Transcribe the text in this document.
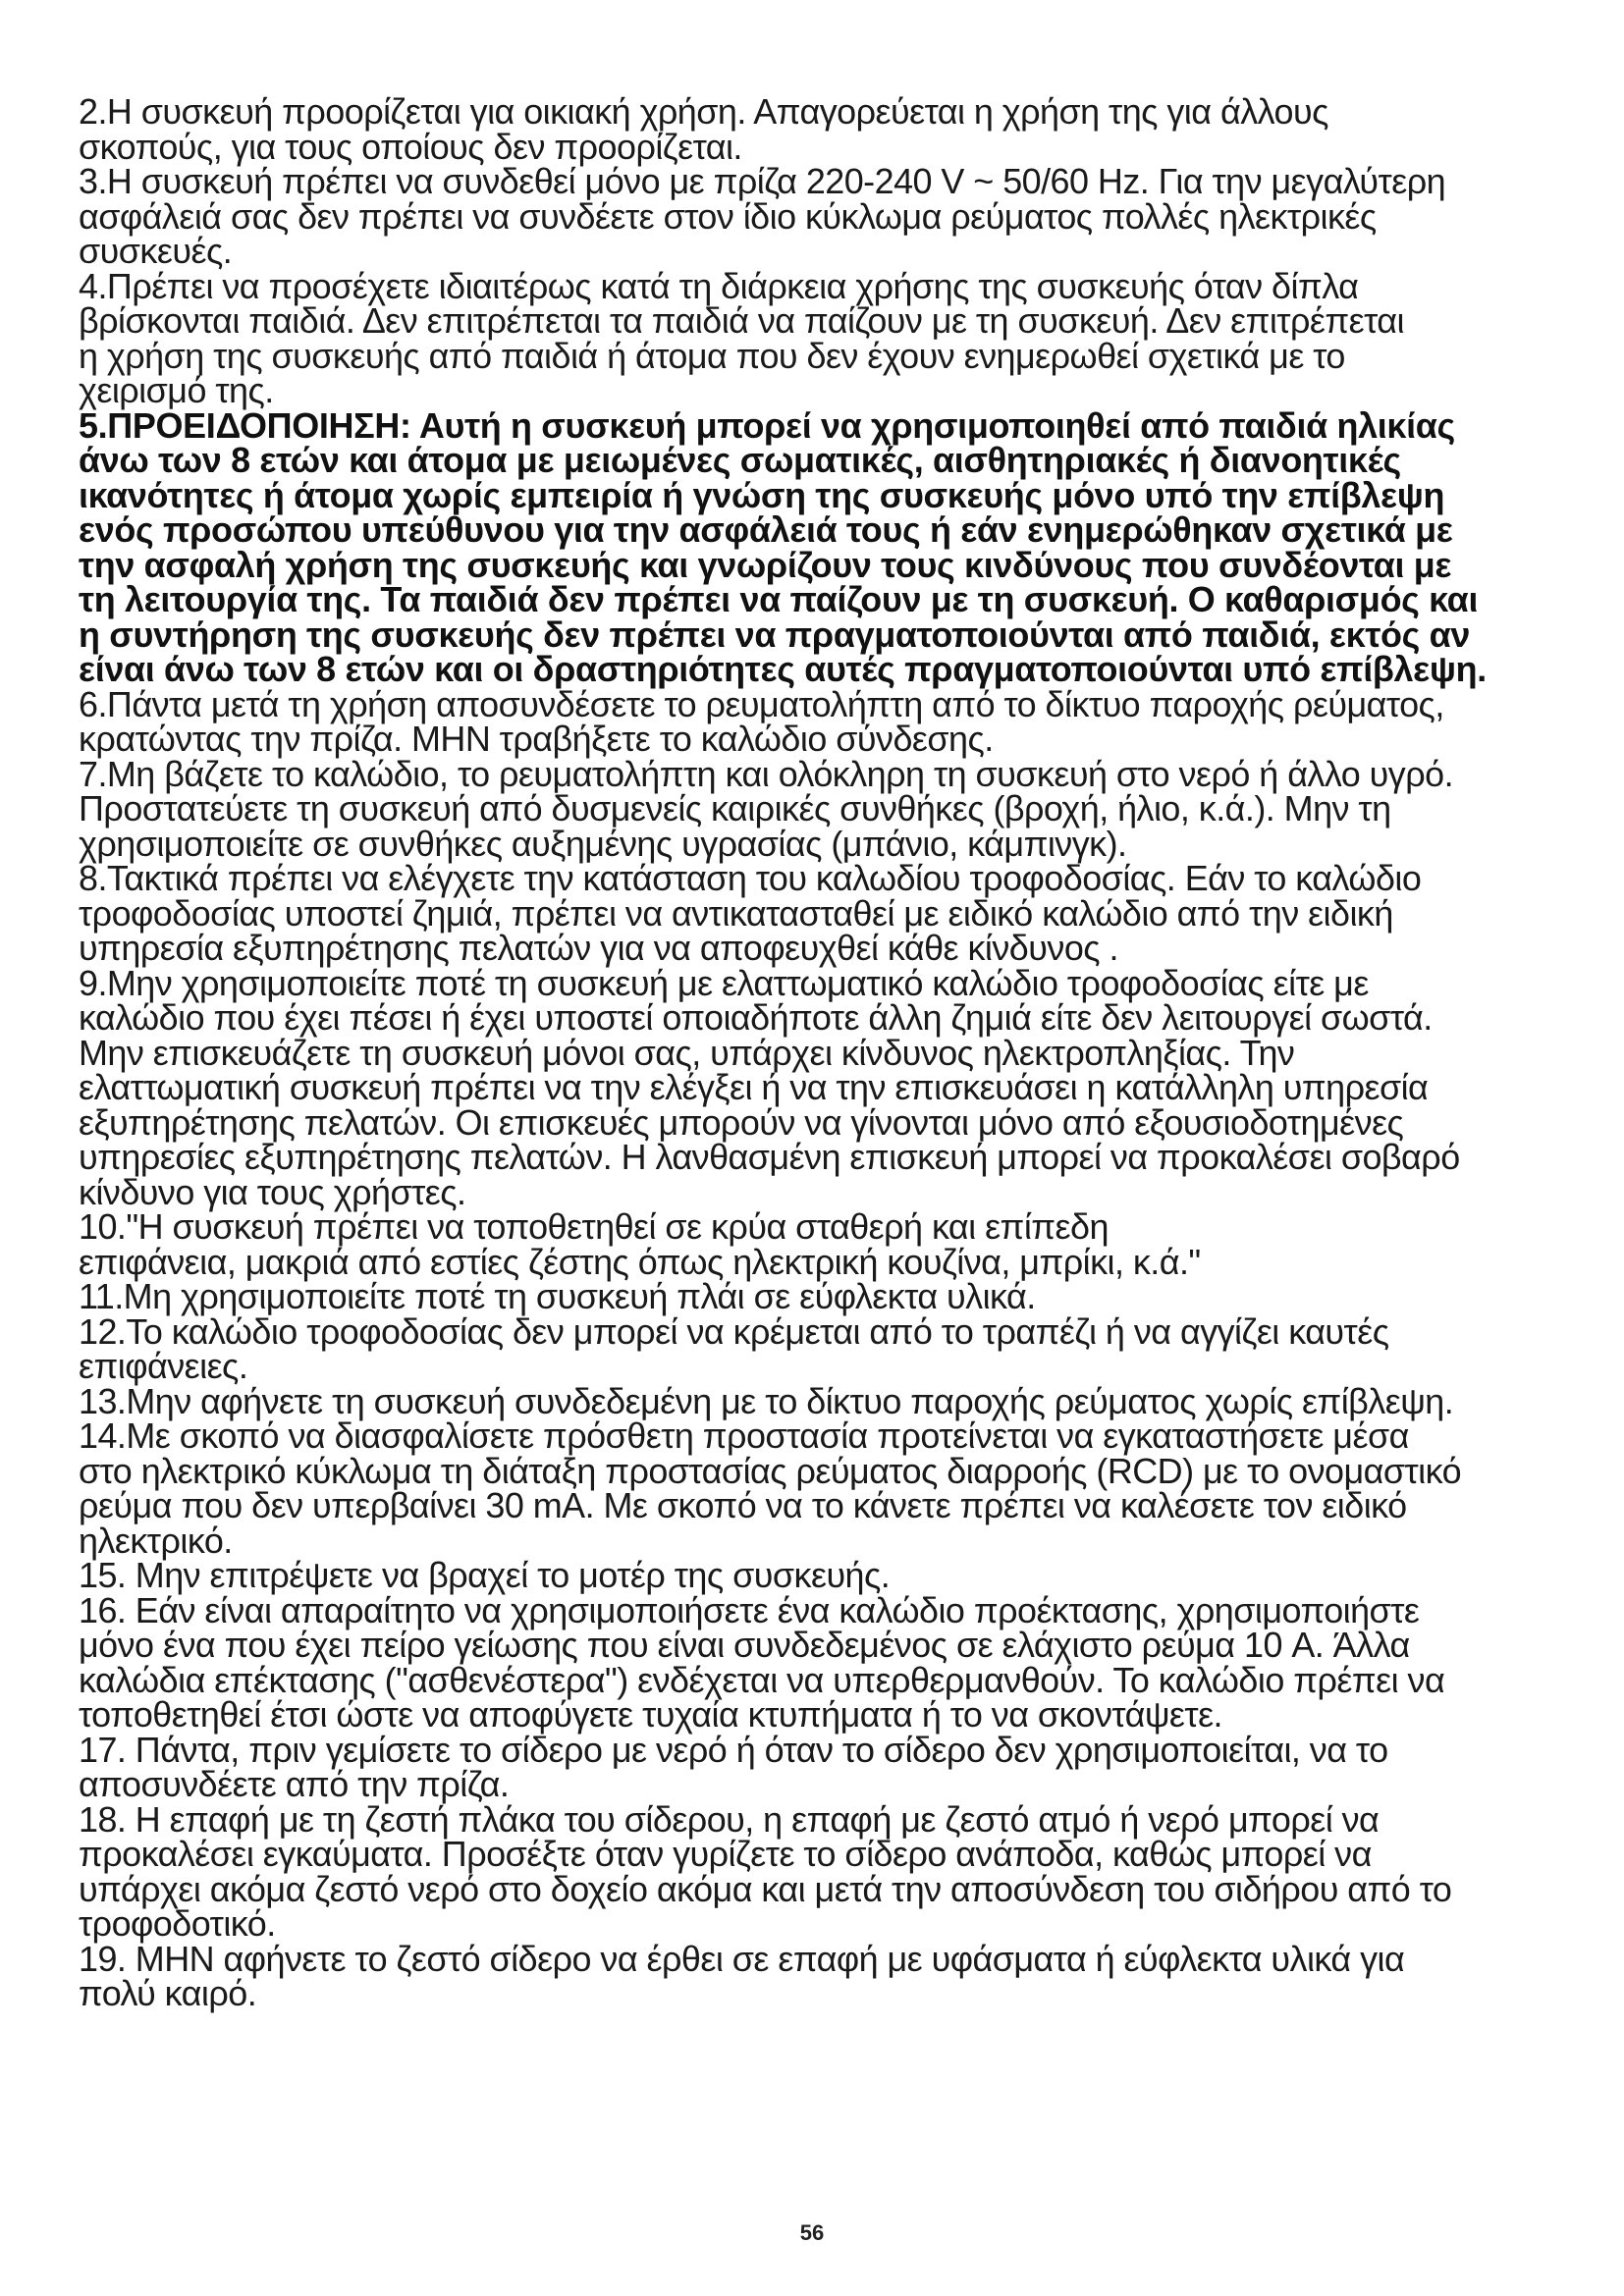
2.Η συσκευή προορίζεται για οικιακή χρήση. Απαγορεύεται η χρήση της για άλλους
σκοπούς, για τους οποίους δεν προορίζεται.
3.Η συσκευή πρέπει να συνδεθεί μόνο με πρίζα 220-240 V ~ 50/60 Hz. Για την μεγαλύτερη
ασφάλειά σας δεν πρέπει να συνδέετε στον ίδιο κύκλωμα ρεύματος πολλές ηλεκτρικές
συσκευές.
4.Πρέπει να προσέχετε ιδιαιτέρως κατά τη διάρκεια χρήσης της συσκευής όταν δίπλα
βρίσκονται παιδιά. Δεν επιτρέπεται τα παιδιά να παίζουν με τη συσκευή. Δεν επιτρέπεται
η χρήση της συσκευής από παιδιά ή άτομα που δεν έχουν ενημερωθεί σχετικά με το
χειρισμό της.
5.ΠΡΟΕΙΔΟΠΟΙΗΣΗ: Αυτή η συσκευή μπορεί να χρησιμοποιηθεί από παιδιά ηλικίας
άνω των 8 ετών και άτομα με μειωμένες σωματικές, αισθητηριακές ή διανοητικές
ικανότητες ή άτομα χωρίς εμπειρία ή γνώση της συσκευής μόνο υπό την επίβλεψη
ενός προσώπου υπεύθυνου για την ασφάλειά τους ή εάν ενημερώθηκαν σχετικά με
την ασφαλή χρήση της συσκευής και γνωρίζουν τους κινδύνους που συνδέονται με
τη λειτουργία της. Τα παιδιά δεν πρέπει να παίζουν με τη συσκευή. Ο καθαρισμός και
η συντήρηση της συσκευής δεν πρέπει να πραγματοποιούνται από παιδιά, εκτός αν
είναι άνω των 8 ετών και οι δραστηριότητες αυτές πραγματοποιούνται υπό επίβλεψη.
6.Πάντα μετά τη χρήση αποσυνδέσετε το ρευματολήπτη από το δίκτυο παροχής ρεύματος,
κρατώντας την πρίζα. ΜΗΝ τραβήξετε το καλώδιο σύνδεσης.
7.Μη βάζετε το καλώδιο, το ρευματολήπτη και ολόκληρη τη συσκευή στο νερό ή άλλο υγρό.
Προστατεύετε τη συσκευή από δυσμενείς καιρικές συνθήκες (βροχή, ήλιο, κ.ά.). Μην τη
χρησιμοποιείτε σε συνθήκες αυξημένης υγρασίας (μπάνιο, κάμπινγκ).
8.Τακτικά πρέπει να ελέγχετε την κατάσταση του καλωδίου τροφοδοσίας. Εάν το καλώδιο
τροφοδοσίας υποστεί ζημιά, πρέπει να αντικατασταθεί με ειδικό καλώδιο από την ειδική
υπηρεσία εξυπηρέτησης πελατών για να αποφευχθεί κάθε κίνδυνος .
9.Μην χρησιμοποιείτε ποτέ τη συσκευή με ελαττωματικό καλώδιο τροφοδοσίας είτε με
καλώδιο που έχει πέσει ή έχει υποστεί οποιαδήποτε άλλη ζημιά είτε δεν λειτουργεί σωστά.
Μην επισκευάζετε τη συσκευή μόνοι σας, υπάρχει κίνδυνος ηλεκτροπληξίας. Την
ελαττωματική συσκευή πρέπει να την ελέγξει ή να την επισκευάσει η κατάλληλη υπηρεσία
εξυπηρέτησης πελατών. Οι επισκευές μπορούν να γίνονται μόνο από εξουσιοδοτημένες
υπηρεσίες εξυπηρέτησης πελατών. Η λανθασμένη επισκευή μπορεί να προκαλέσει σοβαρό
κίνδυνο για τους χρήστες.
10."Η συσκευή πρέπει να τοποθετηθεί σε κρύα σταθερή και επίπεδη
επιφάνεια, μακριά από εστίες ζέστης όπως ηλεκτρική κουζίνα, μπρίκι, κ.ά."
11.Μη χρησιμοποιείτε ποτέ τη συσκευή πλάι σε εύφλεκτα υλικά.
12.Το καλώδιο τροφοδοσίας δεν μπορεί να κρέμεται από το τραπέζι ή να αγγίζει καυτές
επιφάνειες.
13.Μην αφήνετε τη συσκευή συνδεδεμένη με το δίκτυο παροχής ρεύματος χωρίς επίβλεψη.
14.Με σκοπό να διασφαλίσετε πρόσθετη προστασία προτείνεται να εγκαταστήσετε μέσα
στο ηλεκτρικό κύκλωμα τη διάταξη προστασίας ρεύματος διαρροής (RCD) με το ονομαστικό
ρεύμα που δεν υπερβαίνει 30 mA. Με σκοπό να το κάνετε πρέπει να καλέσετε τον ειδικό
ηλεκτρικό.
15. Μην επιτρέψετε να βραχεί το μοτέρ της συσκευής.
16. Εάν είναι απαραίτητο να χρησιμοποιήσετε ένα καλώδιο προέκτασης, χρησιμοποιήστε
μόνο ένα που έχει πείρο γείωσης που είναι συνδεδεμένος σε ελάχιστο ρεύμα 10 A. Άλλα
καλώδια επέκτασης ("ασθενέστερα") ενδέχεται να υπερθερμανθούν. Το καλώδιο πρέπει να
τοποθετηθεί έτσι ώστε να αποφύγετε τυχαία κτυπήματα ή το να σκοντάψετε.
17. Πάντα, πριν γεμίσετε το σίδερο με νερό ή όταν το σίδερο δεν χρησιμοποιείται, να το
αποσυνδέετε από την πρίζα.
18. Η επαφή με τη ζεστή πλάκα του σίδερου, η επαφή με ζεστό ατμό ή νερό μπορεί να
προκαλέσει εγκαύματα. Προσέξτε όταν γυρίζετε το σίδερο ανάποδα, καθώς μπορεί να
υπάρχει ακόμα ζεστό νερό στο δοχείο ακόμα και μετά την αποσύνδεση του σιδήρου από το
τροφοδοτικό.
19. ΜΗΝ αφήνετε το ζεστό σίδερο να έρθει σε επαφή με υφάσματα ή εύφλεκτα υλικά για
πολύ καιρό.
56
